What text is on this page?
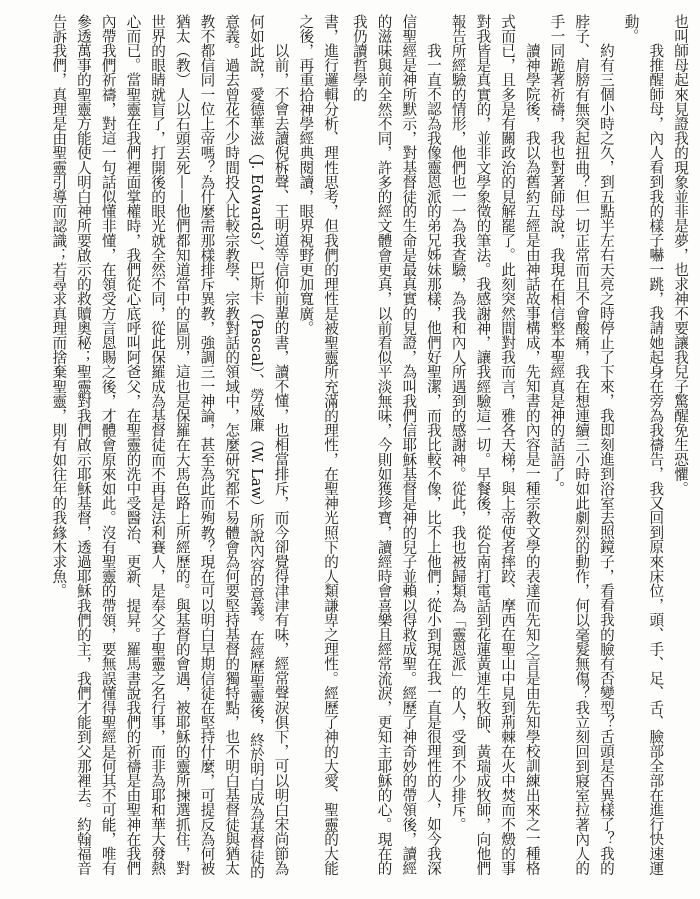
也叫師母起來見證我的現象並非是夢，也求神不要讓我兒子驚醒免生恐懼。

我推醒師母，內人看到我的樣子嚇一跳，我請她起身在旁為我禱告，我又回到原來床位，頭、手、足、舌、臉部全部在進行快速運動。

約有三個小時之久，到五點半左右天亮之時停止了下來，我即刻進到浴室去照鏡子，看看我的臉有否變型？舌頭是否異樣了？我的脖子、肩膀有無突起扭曲？但一切正常而且不會酸痛，我在想連續三小時如此劇烈的動作，何以毫髮無傷？我立刻回到寢室拉著內人的手一同跪著祈禱，我也對著師母說，我現在相信整本聖經真是神的話語了。

讀神學院後，我以為舊約五經是由神話故事構成，先知書的內容是一種宗教文學的表達而先知之言是由先知學校訓練出來之一種格式而已，且多是有關政治的見解罷了。此刻突然間對我而言，雅各天梯，與上帝使者摔跤、摩西在聖山中見到荊棘在火中焚而不燬的事對我皆是真實的，並非文學象徵的筆法。我感謝神，讓我經驗這一切。早餐後，從台南打電話到花蓮黃連生牧師、黃瑞成牧師，向他們報告所經驗的情形，他們也一一為我查驗，為我和內人所遇到的感謝神。從此，我也被歸類為「靈恩派」的人，受到不少排斥。

我一直不認為我像靈恩派的弟兄姊妹那樣，他們好聖潔，而我比較不像，比不上他們；從小到現在我一直是很理性的人，如今我深信聖經是神所默示，對基督徒的生命是最真實的見證，為叫我們信耶穌基督是神的兒子並賴以得救成聖。經歷了神奇妙的帶領後，讀經的滋味與前全然不同，許多的經文體會更真，以前看似平淡無味，今則如獲珍寶，讀經時會喜樂且經常流淚，更知主耶穌的心。現在的我仍讀哲學的

書，進行邏輯分析、理性思考，但我們的理性是被聖靈所充滿的理性，在聖神光照下的人類謙卑之理性。經歷了神的大愛、聖靈的大能之後，再重拾神學經典閱讀，眼界視野更加寬廣。

以前，不會去讀倪柝聲、王明道等信仰前輩的書，讀不懂，也相當排斥，而今卻覺得津津有味，經常聲淚俱下，可以明白宋尚節為何如此說，愛德華滋（J. Edwards）、巴斯卡（Pascal）、勞威廉（W. Law）所說內容的意義。在經歷聖靈後，終於明白成為基督徒的意義。過去曾花不少時間投入比較宗教學、宗教對話的領域中，怎麼研究都不易體會為何要堅持基督的獨特點，也不明白基督徒與猶太教不都信同一位上帝嗎？為什麼需那樣排斥異教，強調三一神論，甚至為此而殉教？現在可以明白早期信徒在堅持什麼，可提反為何被猶太（教）人以石頭丟死——他們都知道當中的區別，這也是保羅在大馬色路上所經歷的。與基督的會遇，被耶穌的靈所揀選抓住，對世界的眼睛就盲了，打開後的眼光就全然不同，從此保羅成為基督徒而不再是法利賽人，是奉父子聖靈之名行事，而非為耶和華大發熱心而已。當聖靈在我們裡面掌權時，我們從心底呼叫阿爸父，在聖靈的洗中受醫治、更新、提昇。羅馬書說我們的祈禱是由聖神在我們內帶我們祈禱，對這一句話似懂非懂，在領受方言恩賜之後，才體會原來如此。沒有聖靈的帶領，要無誤懂得聖經是何其不可能，唯有參透萬事的聖靈方能使人明白神所要啟示的救贖奧秘；聖靈對我們啟示耶穌基督，透過耶穌我們的主，我們才能到父那裡去。約翰福音告訴我們，真理是由聖靈引導而認識；若尋求真理而捨棄聖靈，則有如往年的我緣木求魚。
